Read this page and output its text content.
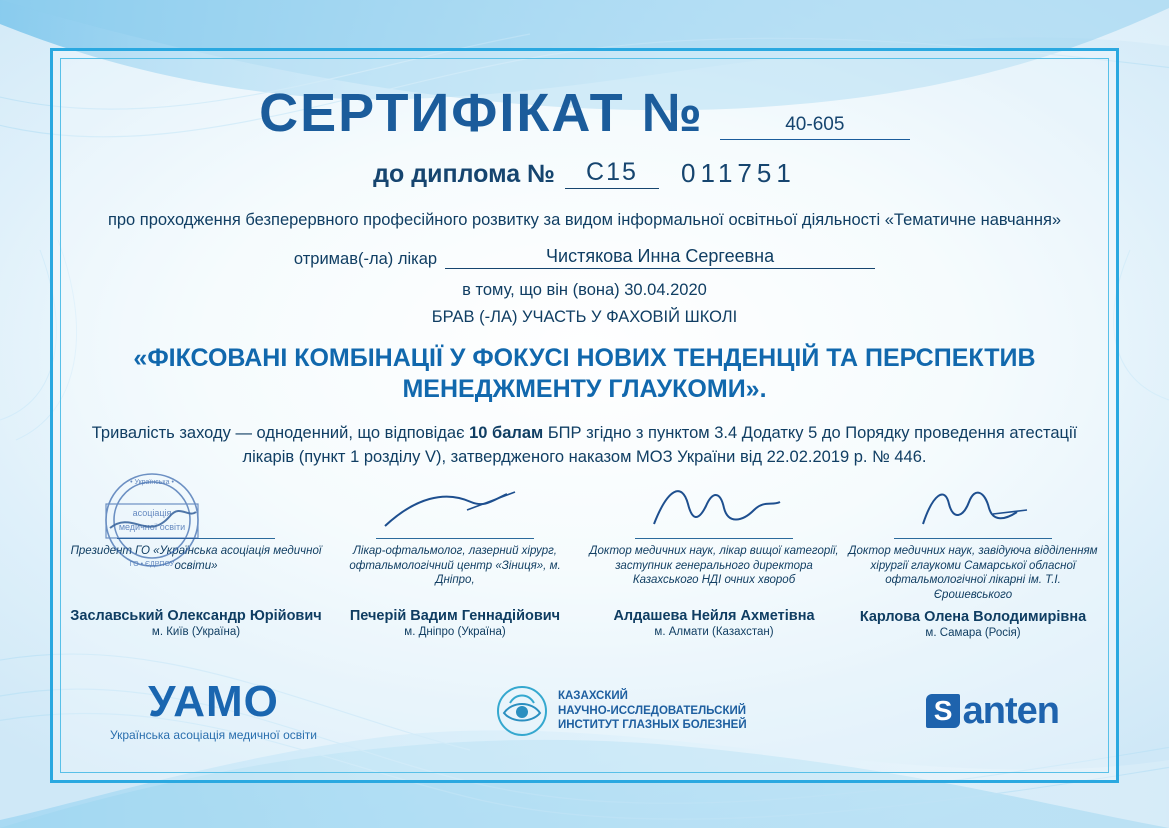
СЕРТИФІКАТ №	40-605
до диплома №	С15	011751
про проходження безперервного професійного розвитку за видом інформальної освітньої діяльності «Тематичне навчання»
отримав(-ла) лікар	Чистякова Инна Сергеевна
в тому, що він (вона) 30.04.2020
БРАВ (-ЛА) УЧАСТЬ У ФАХОВІЙ ШКОЛІ
«ФІКСОВАНІ КОМБІНАЦІЇ У ФОКУСІ НОВИХ ТЕНДЕНЦІЙ ТА ПЕРСПЕКТИВ МЕНЕДЖМЕНТУ ГЛАУКОМИ».
Тривалість заходу — одноденний, що відповідає 10 балам БПР згідно з пунктом 3.4 Додатку 5 до Порядку проведення атестації лікарів (пункт 1 розділу V), затвердженого наказом МОЗ України від 22.02.2019 р. № 446.
• Українська •
асоціація
медичної освіти
ГО • ЄДРПОУ
Президент ГО «Українська асоціація медичної освіти»
Заславський Олександр Юрійович
м. Київ (Україна)
Лікар-офтальмолог, лазерний хірург, офтальмологічний центр «Зіниця», м. Дніпро,
Печерій Вадим Геннадійович
м. Дніпро (Україна)
Доктор медичних наук, лікар вищої категорії, заступник генерального директора Казахського НДІ очних хвороб
Алдашева Нейля Ахметівна
м. Алмати (Казахстан)
Доктор медичних наук, завідуюча відділенням хірургії глаукоми Самарської обласної офтальмологічної лікарні ім. Т.І. Єрошевського
Карлова Олена Володимирівна
м. Самара (Росія)
УАМО
Українська асоціація медичної освіти
КАЗАХСКИЙ
НАУЧНО-ИССЛЕДОВАТЕЛЬСКИЙ
ИНСТИТУТ ГЛАЗНЫХ БОЛЕЗНЕЙ	S anten
